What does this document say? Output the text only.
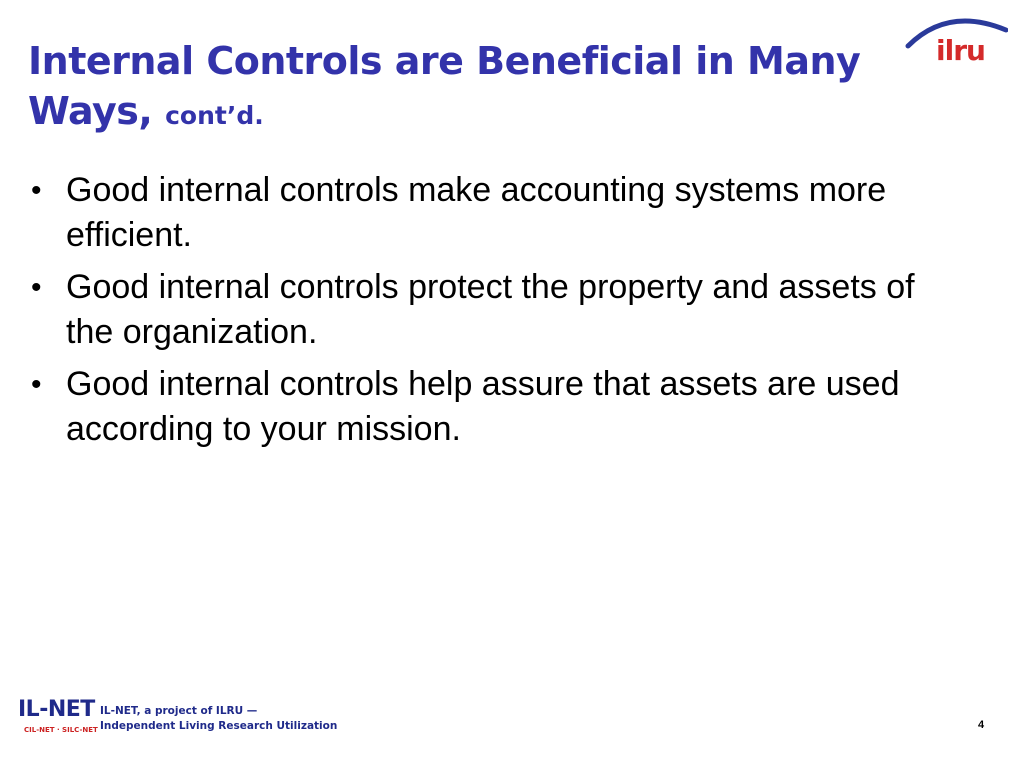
Internal Controls are Beneficial in Many Ways, cont’d.
ilru
• Good internal controls make accounting systems more efficient.
• Good internal controls protect the property and assets of the organization.
• Good internal controls help assure that assets are used according to your mission.
IL-NET
CIL-NET · SILC-NET
IL-NET, a project of ILRU —
Independent Living Research Utilization	4
